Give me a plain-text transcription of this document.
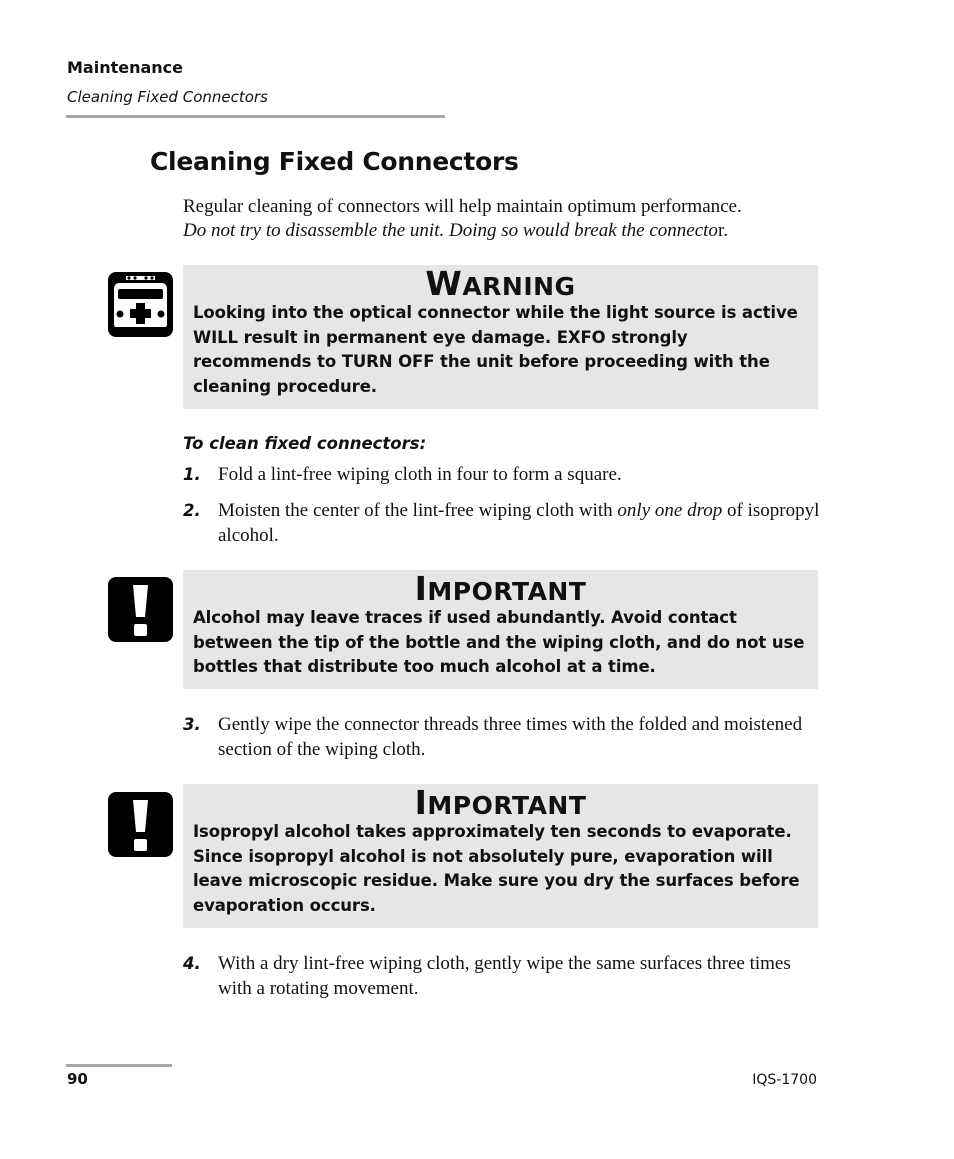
Maintenance
Cleaning Fixed Connectors
Cleaning Fixed Connectors
Regular cleaning of connectors will help maintain optimum performance.
Do not try to disassemble the unit. Doing so would break the connector.
WARNING
Looking into the optical connector while the light source is active WILL result in permanent eye damage. EXFO strongly recommends to TURN OFF the unit before proceeding with the cleaning procedure.
To clean fixed connectors:
1. Fold a lint-free wiping cloth in four to form a square.
2. Moisten the center of the lint-free wiping cloth with only one drop of isopropyl alcohol.
IMPORTANT
Alcohol may leave traces if used abundantly. Avoid contact between the tip of the bottle and the wiping cloth, and do not use bottles that distribute too much alcohol at a time.
3. Gently wipe the connector threads three times with the folded and moistened section of the wiping cloth.
IMPORTANT
Isopropyl alcohol takes approximately ten seconds to evaporate. Since isopropyl alcohol is not absolutely pure, evaporation will leave microscopic residue. Make sure you dry the surfaces before evaporation occurs.
4. With a dry lint-free wiping cloth, gently wipe the same surfaces three times with a rotating movement.
90	IQS-1700
